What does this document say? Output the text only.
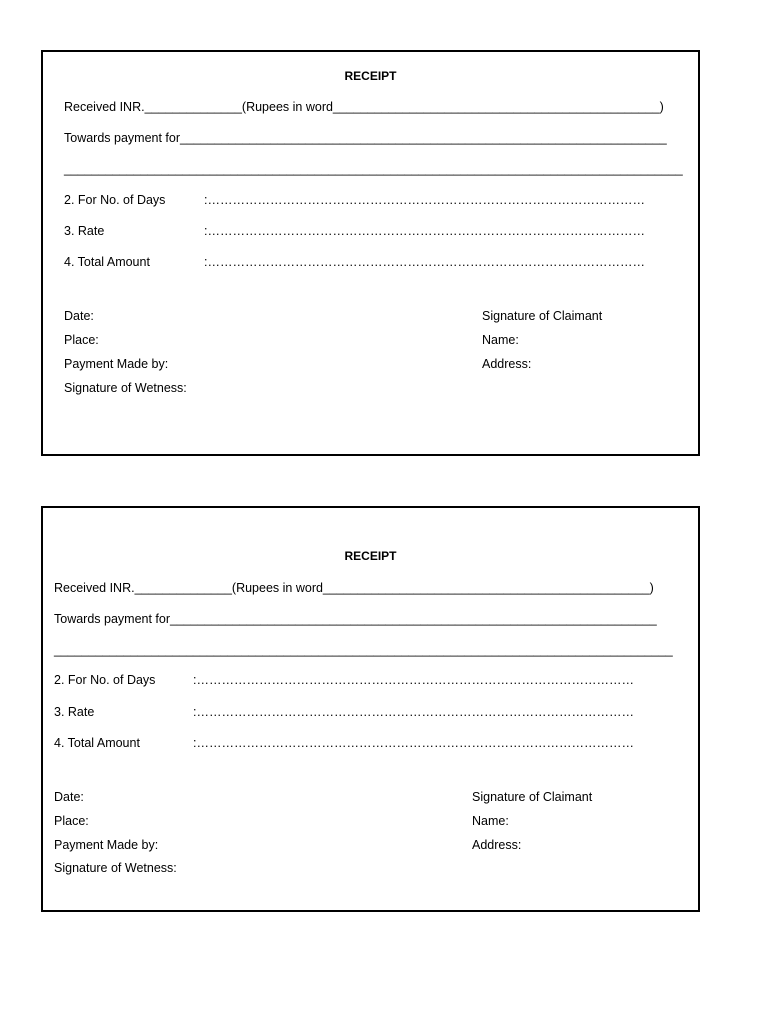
RECEIPT
Received INR.______________(Rupees in word_______________________________________________)
Towards payment for______________________________________________________________________
_________________________________________________________________________________________
2. For No. of Days	:……………………………………………………………………………………………
3. Rate	:……………………………………………………………………………………………
4. Total Amount	:……………………………………………………………………………………………
Date:
Place:
Payment Made by:
Signature of Wetness:
Signature of Claimant
Name:
Address:
RECEIPT
Received INR.______________(Rupees in word_______________________________________________)
Towards payment for______________________________________________________________________
_________________________________________________________________________________________
2. For No. of Days	:……………………………………………………………………………………………
3. Rate	:……………………………………………………………………………………………
4. Total Amount	:……………………………………………………………………………………………
Date:
Place:
Payment Made by:
Signature of Wetness:
Signature of Claimant
Name:
Address:
